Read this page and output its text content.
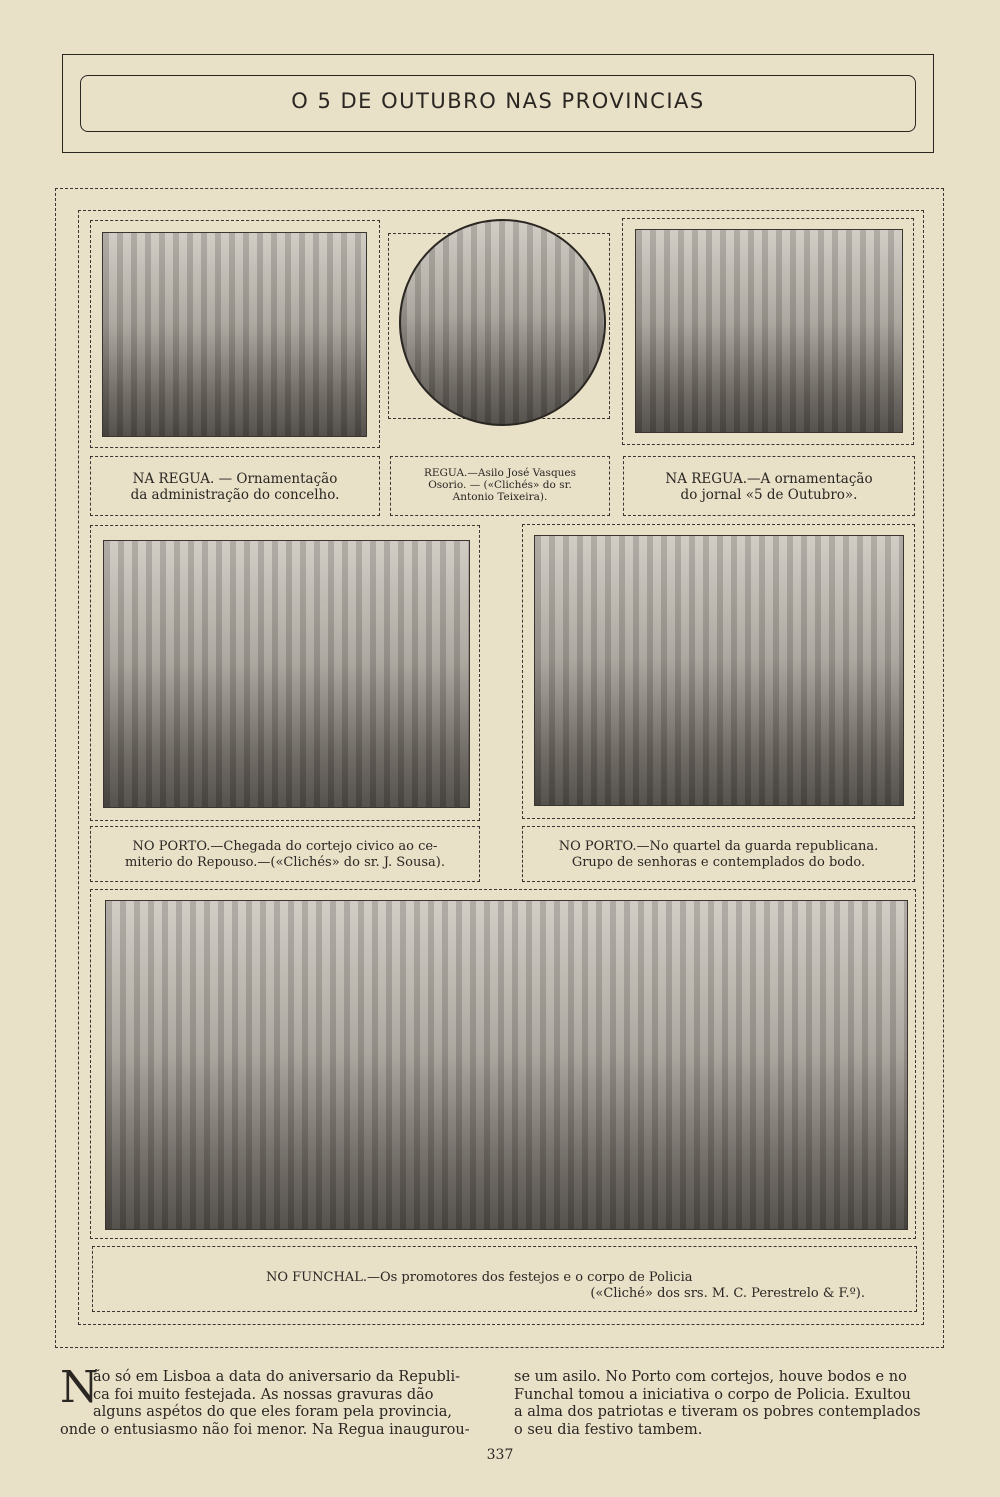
O 5 DE OUTUBRO NAS PROVINCIAS
NA REGUA. — Ornamentação
da administração do concelho.
REGUA.—Asilo José Vasques
Osorio. — («Clichés» do sr.
Antonio Teixeira).
NA REGUA.—A ornamentação
do jornal «5 de Outubro».
NO PORTO.—Chegada do cortejo civico ao ce-
miterio do Repouso.—(«Clichés» do sr. J. Sousa).
NO PORTO.—No quartel da guarda republicana.
Grupo de senhoras e contemplados do bodo.
NO FUNCHAL.—Os promotores dos festejos e o corpo de Policia
(«Cliché» dos srs. M. C. Perestrelo & F.º).
N
ão só em Lisboa a data do aniversario da Republi-
ca foi muito festejada. As nossas gravuras dão
alguns aspétos do que eles foram pela provincia,
onde o entusiasmo não foi menor. Na Regua inaugurou-
se um asilo. No Porto com cortejos, houve bodos e no
Funchal tomou a iniciativa o corpo de Policia. Exultou
a alma dos patriotas e tiveram os pobres contemplados
o seu dia festivo tambem.
337
